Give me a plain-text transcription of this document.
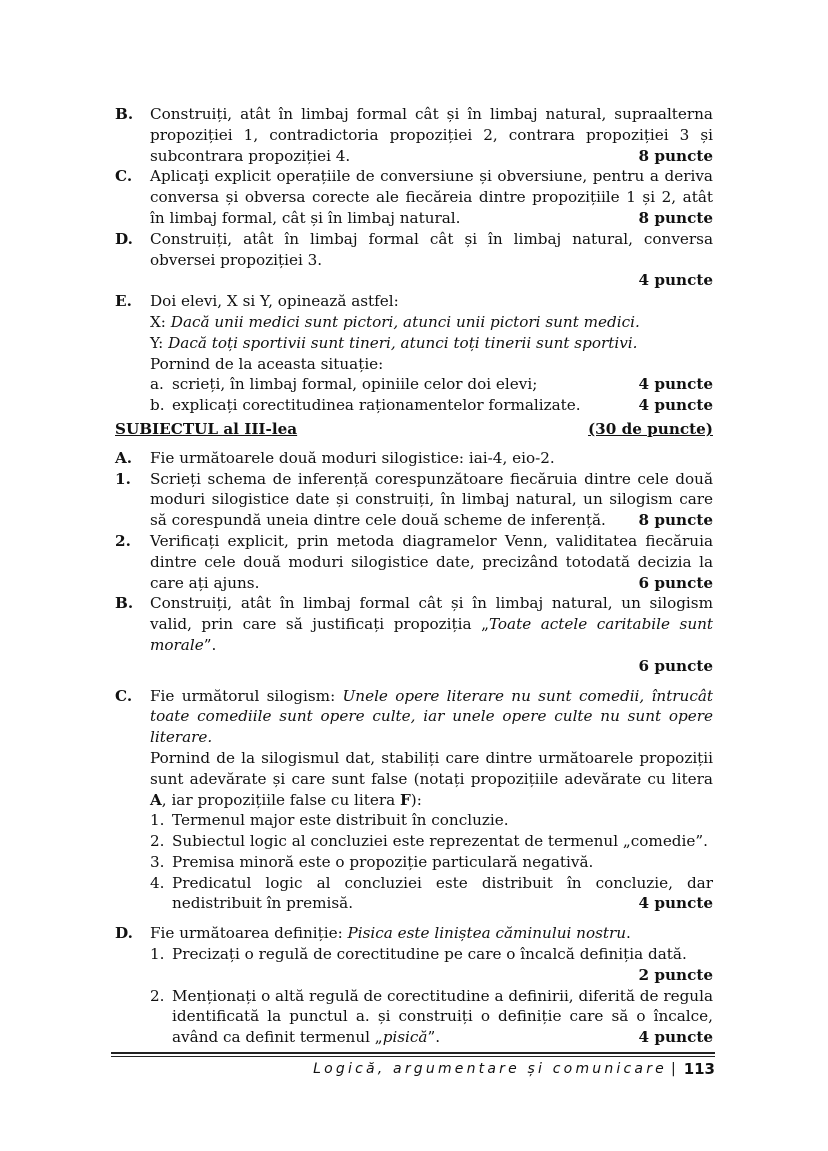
B.	Construiți, atât în limbaj formal cât și în limbaj natural, supraalterna propoziției 1, contradictoria propoziției 2, contrara propoziției 3 și subcontrara propoziției 4.	8 puncte
C.	Aplicaţi explicit operațiile de conversiune și obversiune, pentru a deriva conversa și obversa corecte ale fiecăreia dintre propozițiile 1 și 2, atât în limbaj formal, cât și în limbaj natural.	8 puncte
D.	Construiți, atât în limbaj formal cât și în limbaj natural, conversa obversei propoziției 3.

4 puncte
E.	Doi elevi, X si Y, opinează astfel:
X: Dacă unii medici sunt pictori, atunci unii pictori sunt medici.
Y: Dacă toți sportivii sunt tineri, atunci toți tinerii sunt sportivi.
Pornind de la aceasta situație:
a. scrieți, în limbaj formal, opiniile celor doi elevi;	4 puncte
b. explicați corectitudinea raționamentelor formalizate.	4 puncte
SUBIECTUL al III-lea	(30 de puncte)
A.	Fie următoarele două moduri silogistice: iai-4, eio-2.
1.	Scrieți schema de inferență corespunzătoare fiecăruia dintre cele două moduri silogistice date și construiți, în limbaj natural, un silogism care să corespundă uneia dintre cele două scheme de inferență. 8 puncte
2.	Verificați explicit, prin metoda diagramelor Venn, validitatea fiecăruia dintre cele două moduri silogistice date, precizând totodată decizia la care ați ajuns.	6 puncte
B.	Construiți, atât în limbaj formal cât și în limbaj natural, un silogism valid, prin care să justificați propoziția „Toate actele caritabile sunt morale”.

6 puncte
C.	Fie următorul silogism: Unele opere literare nu sunt comedii, întrucât toate comediile sunt opere culte, iar unele opere culte nu sunt opere literare.
Pornind de la silogismul dat, stabiliți care dintre următoarele propoziții sunt adevărate și care sunt false (notați propozițiile adevărate cu litera A, iar propozițiile false cu litera F):
1. Termenul major este distribuit în concluzie.
2. Subiectul logic al concluziei este reprezentat de termenul „comedie”.
3. Premisa minoră este o propoziție particulară negativă.
4. Predicatul logic al concluziei este distribuit în concluzie, dar nedistribuit în premisă.	4 puncte
D.	Fie următoarea definiție: Pisica este liniștea căminului nostru.
1. Precizați o regulă de corectitudine pe care o încalcă definiția dată.

2 puncte
2. Menționați o altă regulă de corectitudine a definirii, diferită de regula identificată la punctul a. și construiți o definiție care să o încalce, având ca definit termenul „pisică”.	4 puncte
Logică, argumentare și comunicare | 113
